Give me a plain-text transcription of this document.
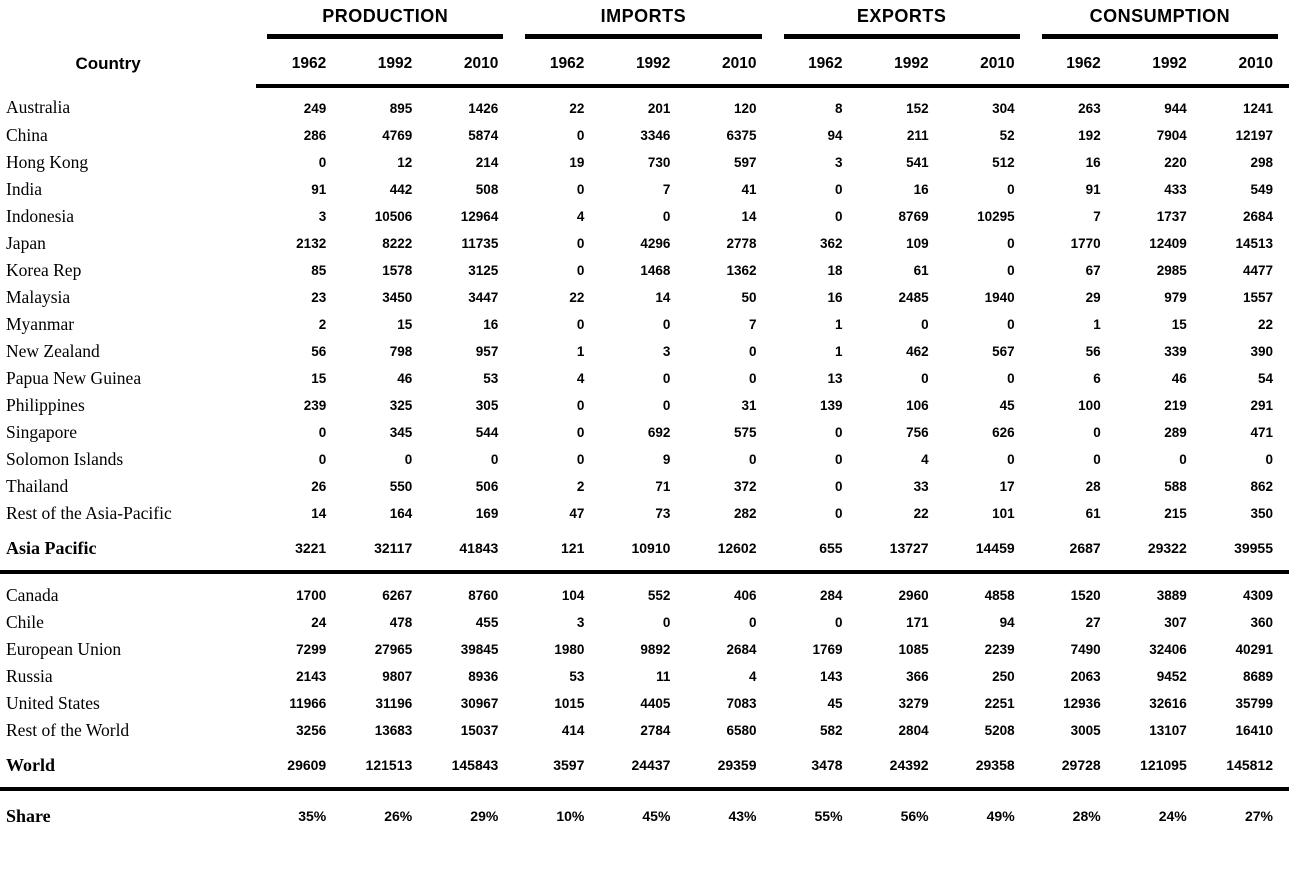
Country	PRODUCTION			IMPORTS			EXPORTS			CONSUMPTION		

	1962	1992	2010	1962	1992	2010	1962	1992	2010	1962	1992	2010
Australia	249	895	1426	22	201	120	8	152	304	263	944	1241
China	286	4769	5874	0	3346	6375	94	211	52	192	7904	12197
Hong Kong	0	12	214	19	730	597	3	541	512	16	220	298
India	91	442	508	0	7	41	0	16	0	91	433	549
Indonesia	3	10506	12964	4	0	14	0	8769	10295	7	1737	2684
Japan	2132	8222	11735	0	4296	2778	362	109	0	1770	12409	14513
Korea Rep	85	1578	3125	0	1468	1362	18	61	0	67	2985	4477
Malaysia	23	3450	3447	22	14	50	16	2485	1940	29	979	1557
Myanmar	2	15	16	0	0	7	1	0	0	1	15	22
New Zealand	56	798	957	1	3	0	1	462	567	56	339	390
Papua New Guinea	15	46	53	4	0	0	13	0	0	6	46	54
Philippines	239	325	305	0	0	31	139	106	45	100	219	291
Singapore	0	345	544	0	692	575	0	756	626	0	289	471
Solomon Islands	0	0	0	0	9	0	0	4	0	0	0	0
Thailand	26	550	506	2	71	372	0	33	17	28	588	862
Rest of the Asia-Pacific	14	164	169	47	73	282	0	22	101	61	215	350
Asia Pacific	3221	32117	41843	121	10910	12602	655	13727	14459	2687	29322	39955
Canada	1700	6267	8760	104	552	406	284	2960	4858	1520	3889	4309
Chile	24	478	455	3	0	0	0	171	94	27	307	360
European Union	7299	27965	39845	1980	9892	2684	1769	1085	2239	7490	32406	40291
Russia	2143	9807	8936	53	11	4	143	366	250	2063	9452	8689
United States	11966	31196	30967	1015	4405	7083	45	3279	2251	12936	32616	35799
Rest of the World	3256	13683	15037	414	2784	6580	582	2804	5208	3005	13107	16410
World	29609	121513	145843	3597	24437	29359	3478	24392	29358	29728	121095	145812
Share	35%	26%	29%	10%	45%	43%	55%	56%	49%	28%	24%	27%
